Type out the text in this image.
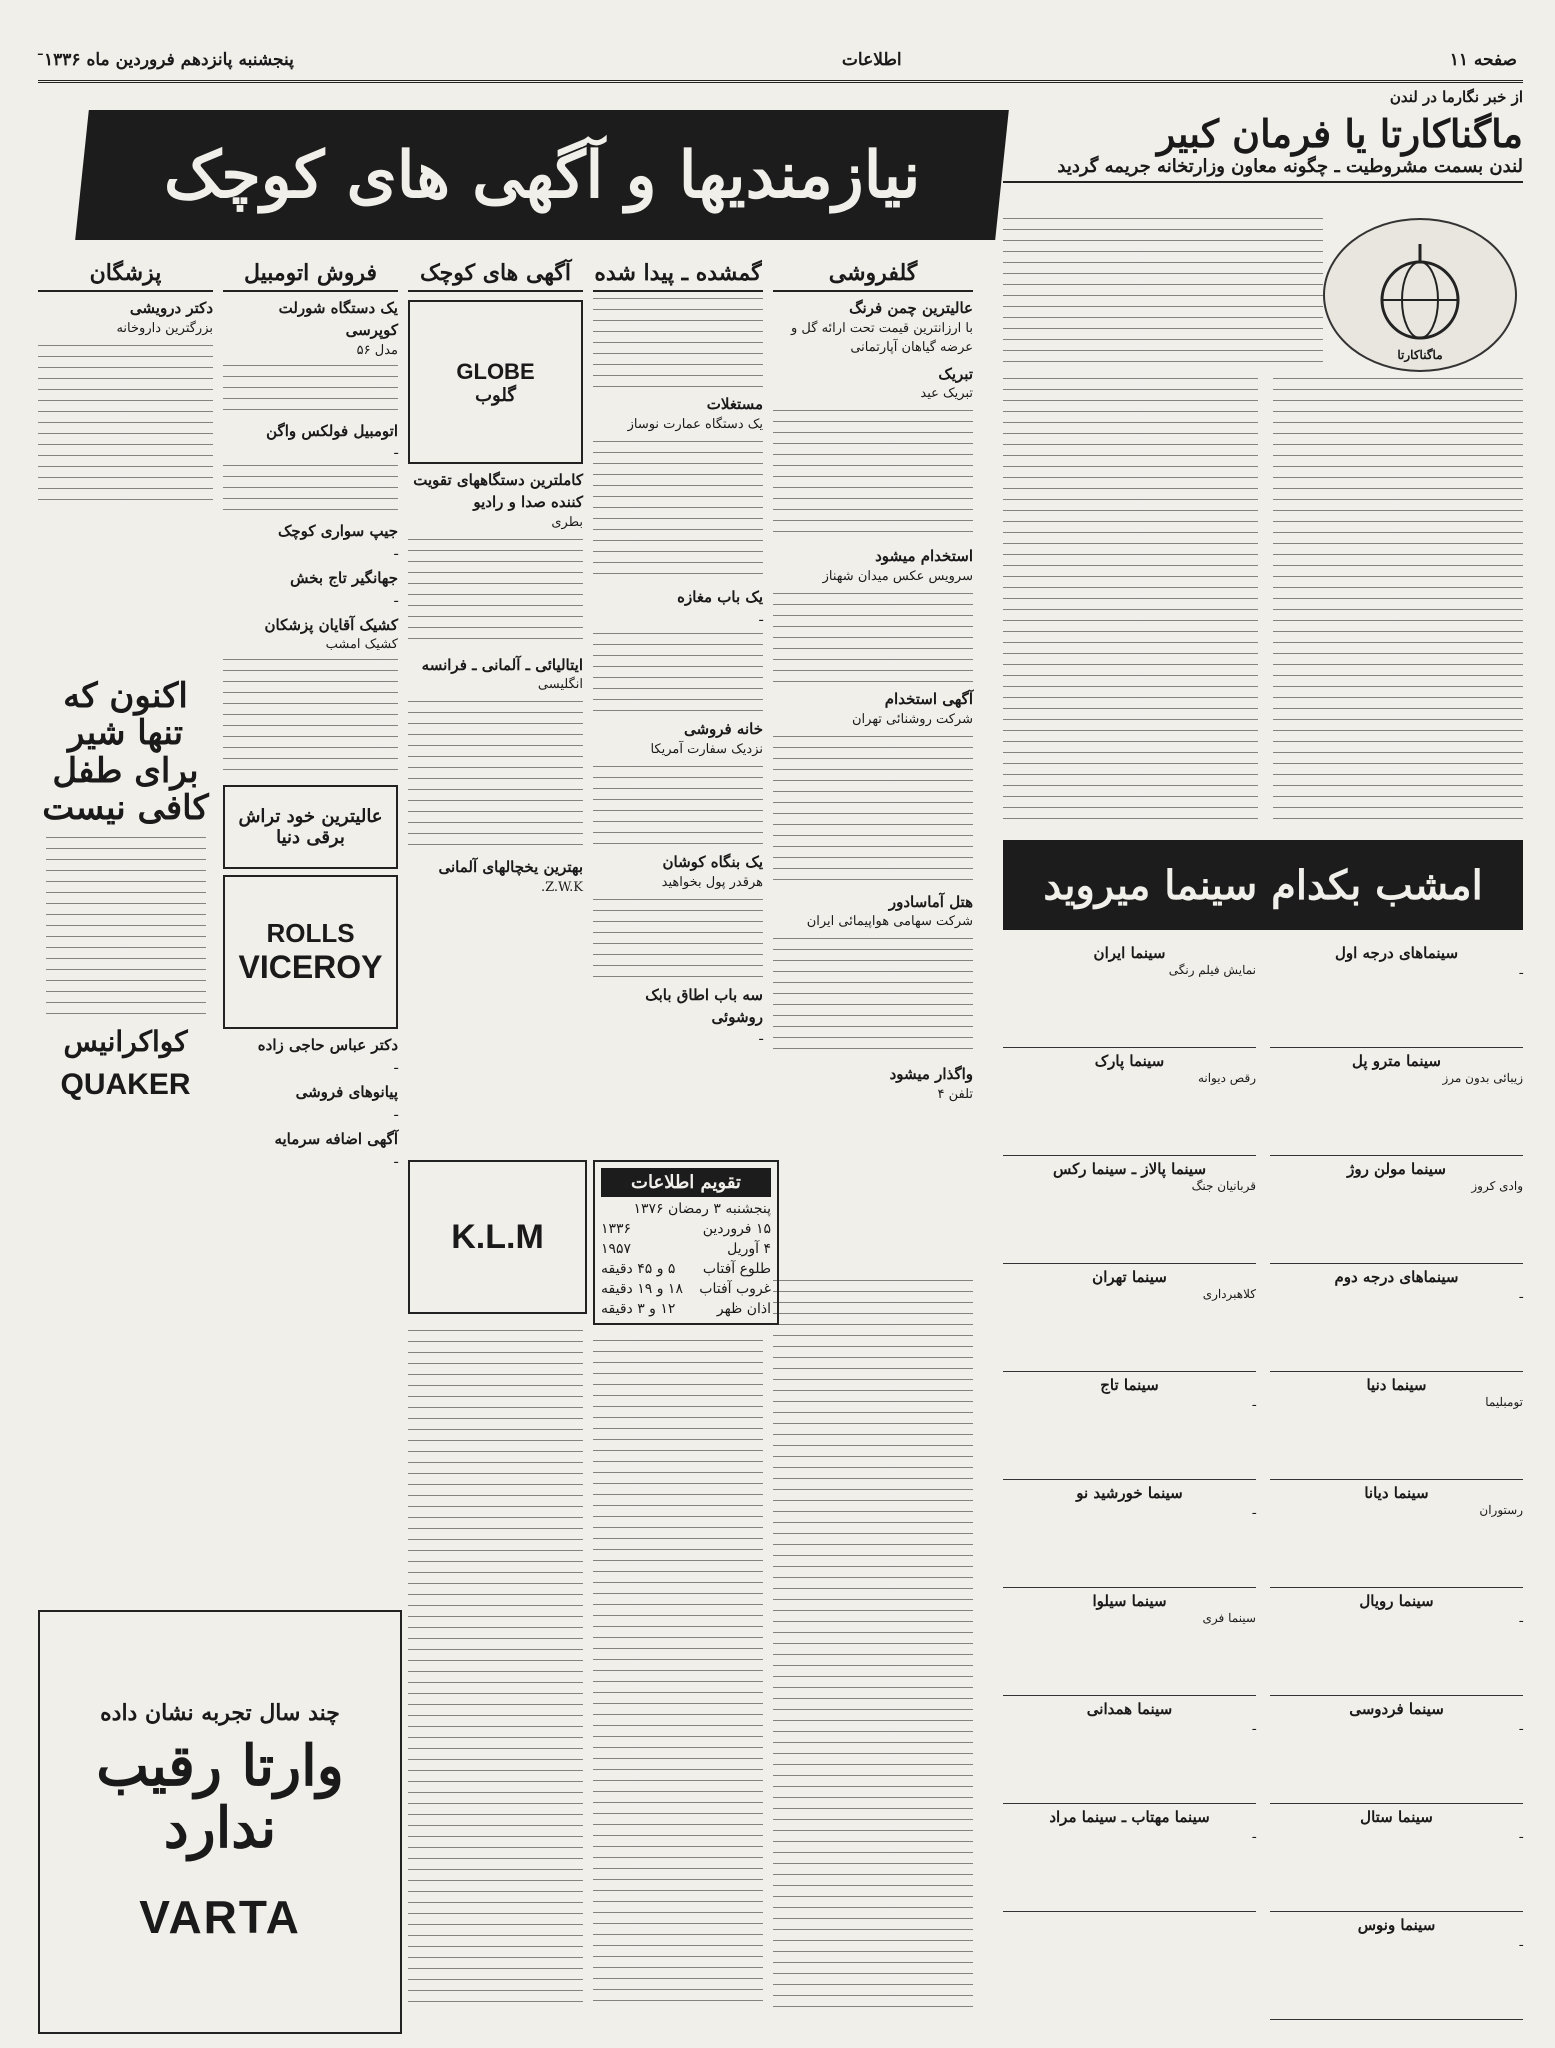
صفحه ۱۱
اطلاعات
پنجشنبه پانزدهم فروردین ماه ۱۳۳۶
از خبر نگارما در لندن
ماگناکارتا یا فرمان کبیر
لندن بسمت مشروطیت ـ چگونه معاون وزارتخانه جریمه گردید
ماگناکارتا
نیازمندیها و آگهی های کوچک
گلفروشی
عالیترین چمن فرنگ
با ارزانترین قیمت تحت ارائه گل و عرضه گیاهان آپارتمانی
تبریک
تبریک عید
استخدام میشود
سرویس عکس میدان شهناز
آگهی استخدام
شرکت روشنائی تهران
هتل آماسادور
شرکت سهامی هواپیمائی ایران
واگذار میشود
تلفن ۴
گمشده ـ پیدا شده
مستغلات
یک دستگاه عمارت نوساز
یک باب مغازه
ـ
خانه فروشی
نزدیک سفارت آمریکا
یک بنگاه کوشان
هرقدر پول بخواهید
سه باب اطاق بابک روشوئی
ـ
آگهی های کوچک
GLOBE
گلوب
کاملترین دستگاههای تقویت کننده صدا و رادیو
بطری
ایتالیائی ـ آلمانی ـ فرانسه
انگلیسی
بهترین یخچالهای آلمانی
Z.W.K.
فروش اتومبیل
یک دستگاه شورلت کوپرسی
مدل ۵۶
اتومبیل فولکس واگن
ـ
جیپ سواری کوچک
ـ
جهانگیر تاج بخش
ـ
کشیک آقایان پزشکان
کشیک امشب
عالیترین خود تراش برقی دنیا
ROLLS
VICEROY
دکتر عباس حاجی زاده
ـ
پیانوهای فروشی
ـ
آگهی اضافه سرمایه
ـ
پزشگان
دکتر درویشی
بزرگترین داروخانه
اکنون که تنها شیر برای طفل کافی نیست
کواکرانیس
QUAKER
K.L.M
تقویم اطلاعات
پنجشنبه ۳ رمضان ۱۳۷۶
۱۵ فروردین
۱۳۳۶
۴ آوریل
۱۹۵۷
طلوع آفتاب
۵ و ۴۵ دقیقه
غروب آفتاب
۱۸ و ۱۹ دقیقه
اذان ظهر
۱۲ و ۳ دقیقه
چند سال تجربه نشان داده
وارتا رقیب ندارد
VARTA
امشب بکدام سینما میروید
سینماهای درجه اول
ـ
سینما ایران
نمایش فیلم رنگی
سینما مترو پل
زیبائی بدون مرز
سینما پارک
رقص دیوانه
سینما مولن روژ
وادی کروز
سینما پالاز ـ سینما رکس
قربانیان جنگ
سینماهای درجه دوم
ـ
سینما تهران
کلاهبرداری
سینما دنیا
تومبلیما
سینما تاج
ـ
سینما دیانا
رستوران
سینما خورشید نو
ـ
سینما رویال
ـ
سینما سیلوا
سینما فری
سینما فردوسی
ـ
سینما همدانی
ـ
سینما ستال
ـ
سینما مهتاب ـ سینما مراد
ـ
سینما ونوس
ـ
ـ
